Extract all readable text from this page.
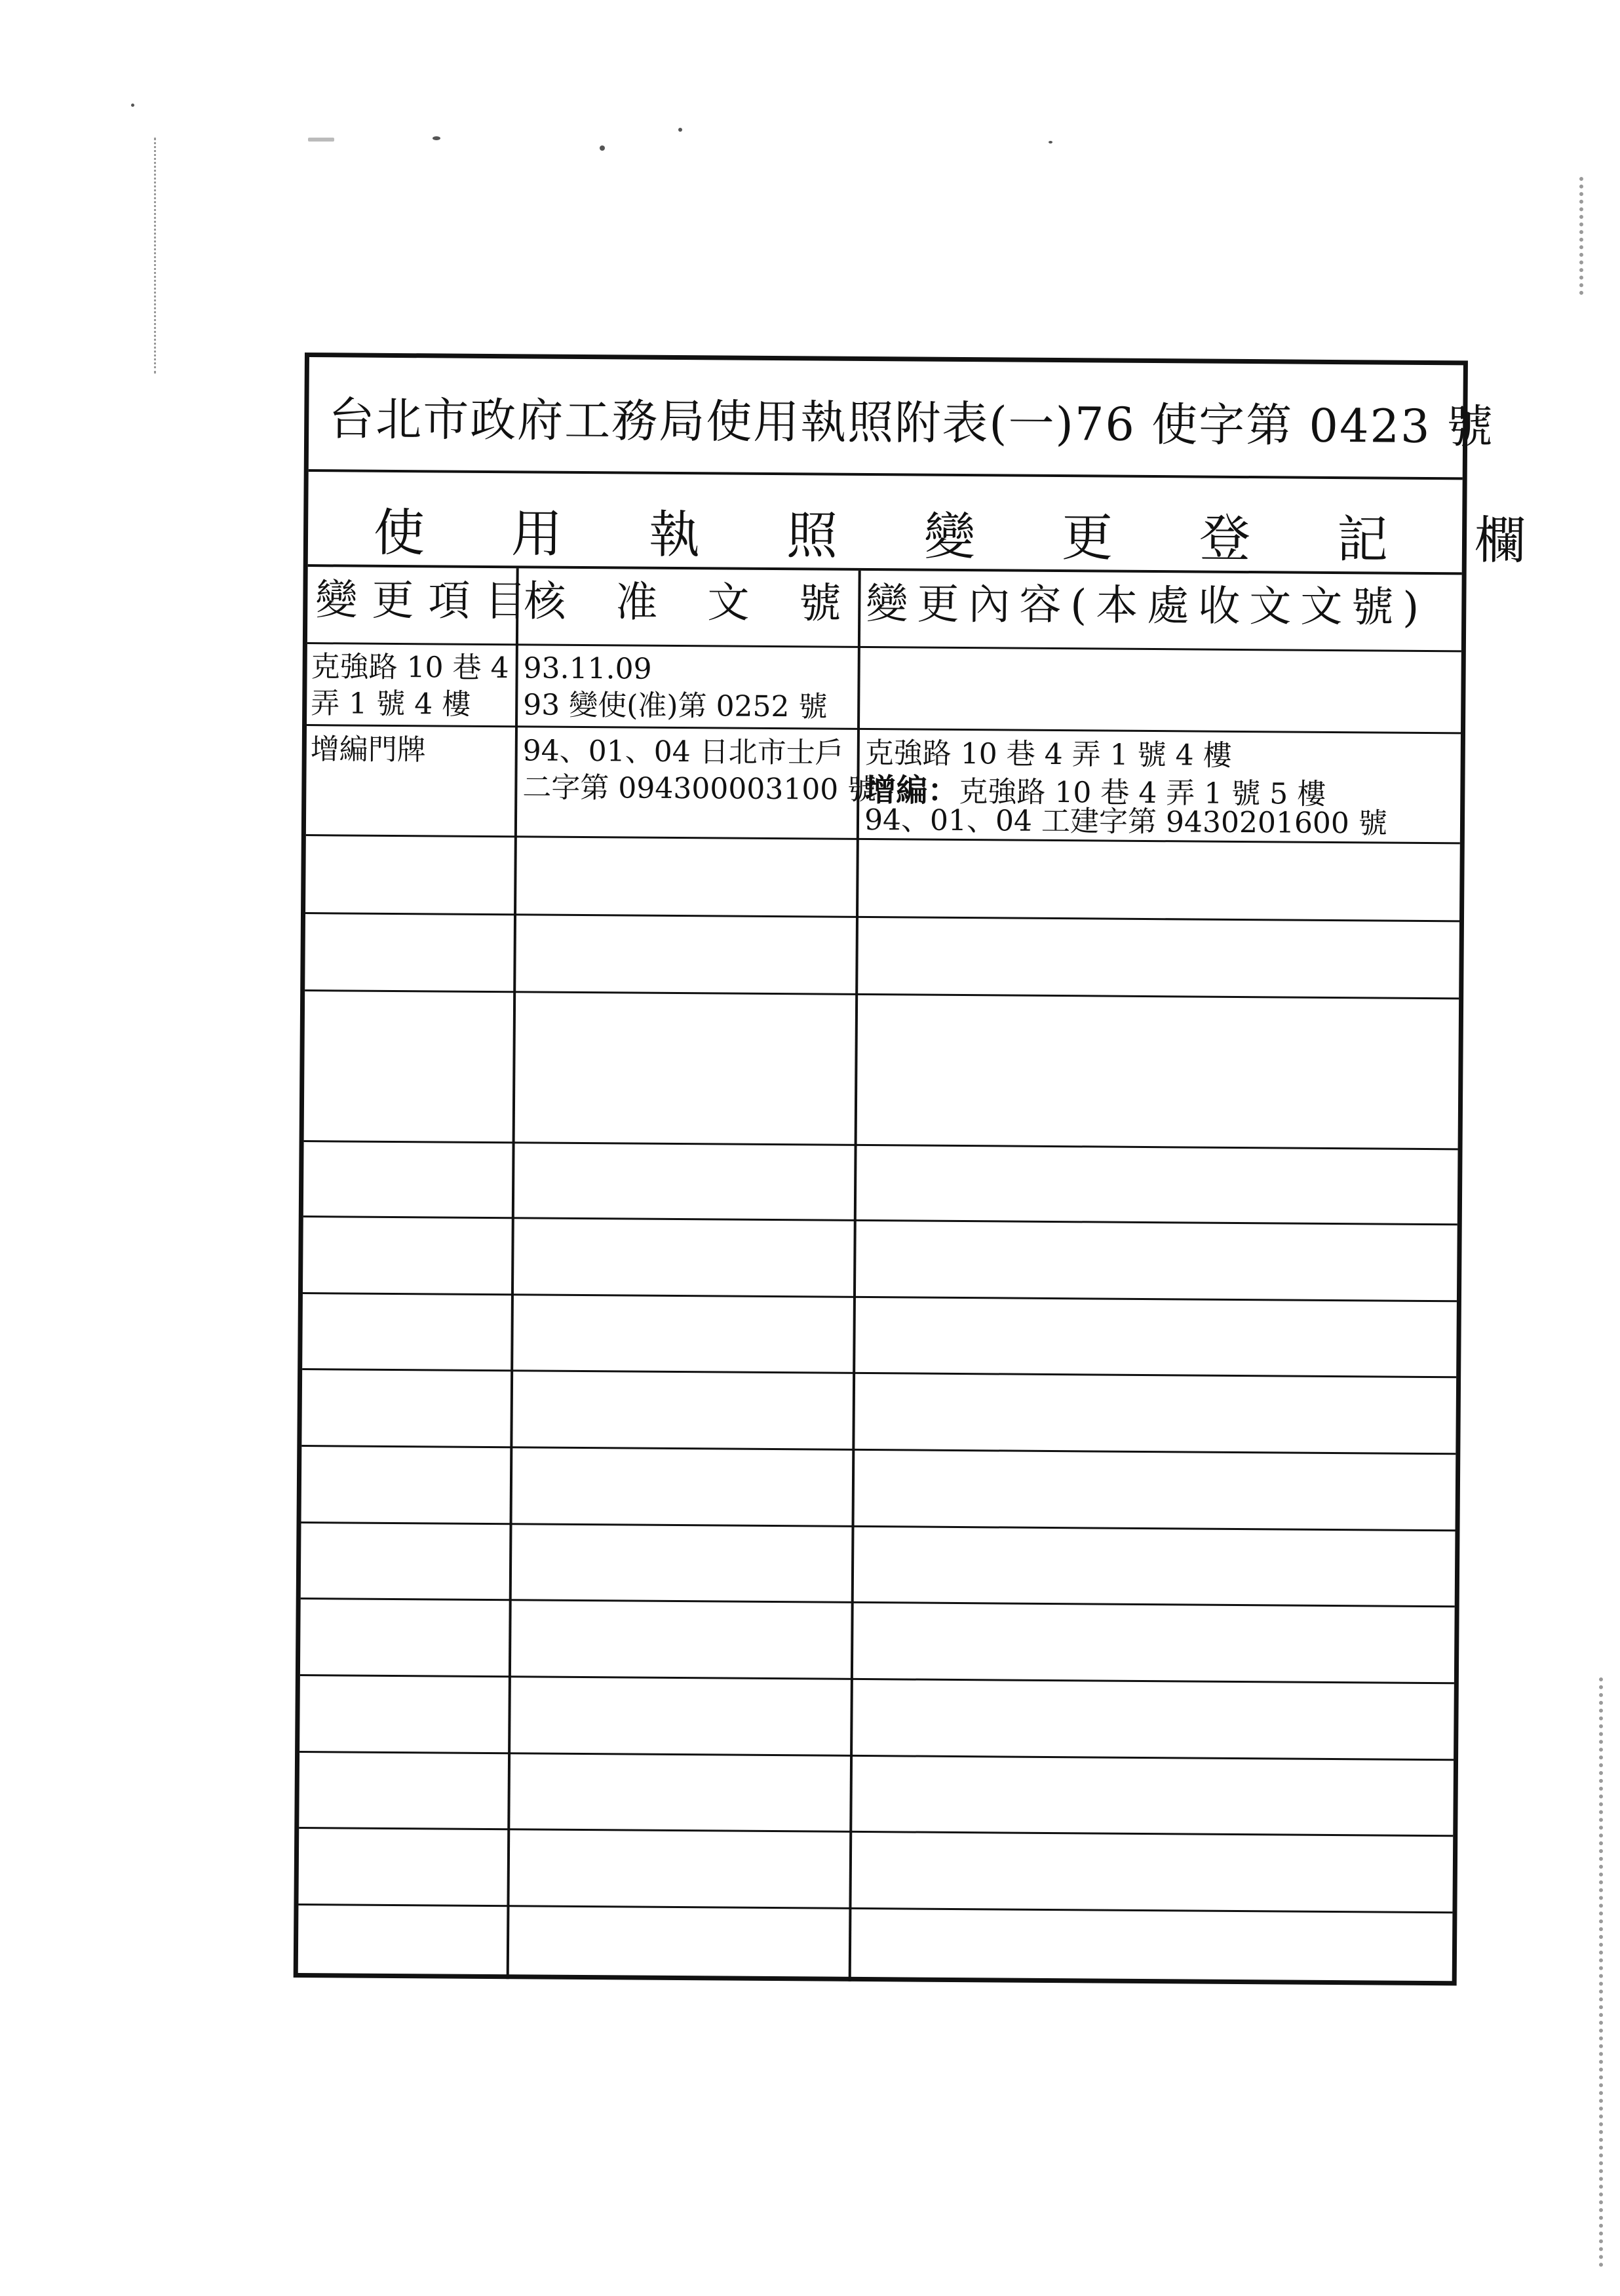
台北市政府工務局使用執照附表(一)76 使字第 0423 號
使用執照變更登記欄
變更項目
核准文號
變更內容(本處收文文號)
克強路 10 巷 4
弄 1 號 4 樓
93.11.09
93 變使(准)第 0252 號
增編門牌	94、01、04 日北市士戶
二字第 094300003100 號
克強路 10 巷 4 弄 1 號 4 樓
增編：克強路 10 巷 4 弄 1 號 5 樓
94、01、04 工建字第 9430201600 號
